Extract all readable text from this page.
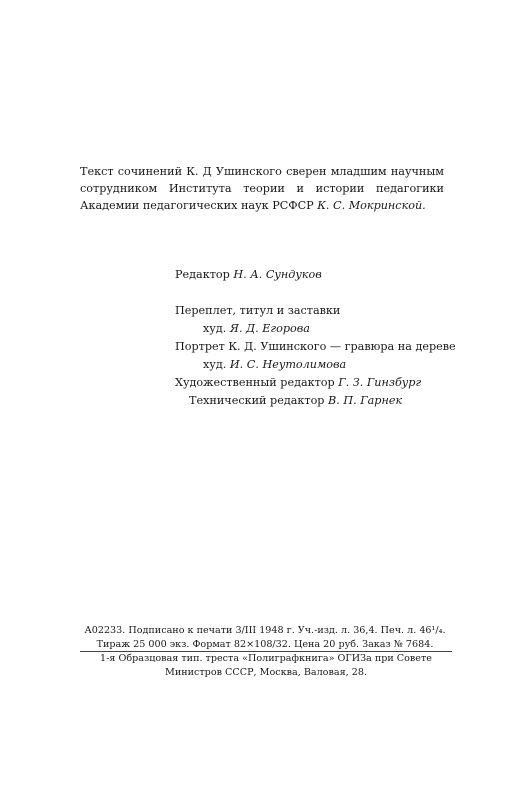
Текст сочинений К. Д Ушинского сверен младшим научным
сотрудником Института теории и истории педагогики
Академии педагогических наук РСФСР К. С. Мокринской.
Редактор Н. А. Сундуков
Переплет, титул и заставки
худ. Я. Д. Егорова
Портрет К. Д. Ушинского — гравюра на дереве
худ. И. С. Неутолимова
Художественный редактор Г. З. Гинзбург
Технический редактор В. П. Гарнек
А02233. Подписано к печати 3/III 1948 г. Уч.-изд. л. 36,4. Печ. л. 46¹/₄.
Тираж 25 000 экз. Формат 82×108/32. Цена 20 руб. Заказ № 7684.
1-я Образцовая тип. треста «Полиграфкнига» ОГИЗа при Совете
Министров СССР, Москва, Валовая, 28.
